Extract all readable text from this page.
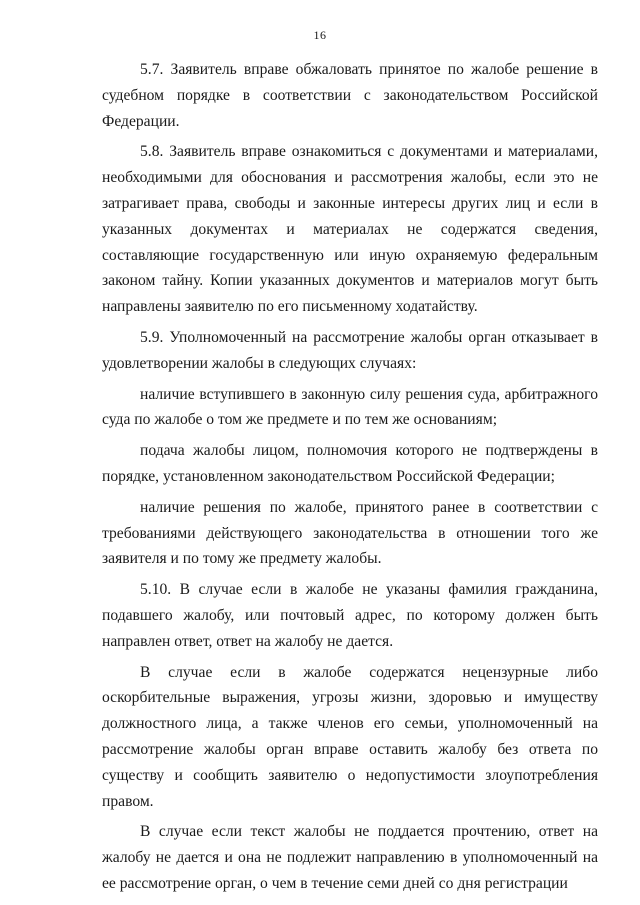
16

5.7. Заявитель вправе обжаловать принятое по жалобе решение в судебном порядке в соответствии с законодательством Российской Федерации.

5.8. Заявитель вправе ознакомиться с документами и материалами, необходимыми для обоснования и рассмотрения жалобы, если это не затрагивает права, свободы и законные интересы других лиц и если в указанных документах и материалах не содержатся сведения, составляющие государственную или иную охраняемую федеральным законом тайну. Копии указанных документов и материалов могут быть направлены заявителю по его письменному ходатайству.

5.9. Уполномоченный на рассмотрение жалобы орган отказывает в удовлетворении жалобы в следующих случаях:

наличие вступившего в законную силу решения суда, арбитражного суда по жалобе о том же предмете и по тем же основаниям;

подача жалобы лицом, полномочия которого не подтверждены в порядке, установленном законодательством Российской Федерации;

наличие решения по жалобе, принятого ранее в соответствии с требованиями действующего законодательства в отношении того же заявителя и по тому же предмету жалобы.

5.10. В случае если в жалобе не указаны фамилия гражданина, подавшего жалобу, или почтовый адрес, по которому должен быть направлен ответ, ответ на жалобу не дается.

В случае если в жалобе содержатся нецензурные либо оскорбительные выражения, угрозы жизни, здоровью и имуществу должностного лица, а также членов его семьи, уполномоченный на рассмотрение жалобы орган вправе оставить жалобу без ответа по существу и сообщить заявителю о недопустимости злоупотребления правом.

В случае если текст жалобы не поддается прочтению, ответ на жалобу не дается и она не подлежит направлению в уполномоченный на ее рассмотрение орган, о чем в течение семи дней со дня регистрации
